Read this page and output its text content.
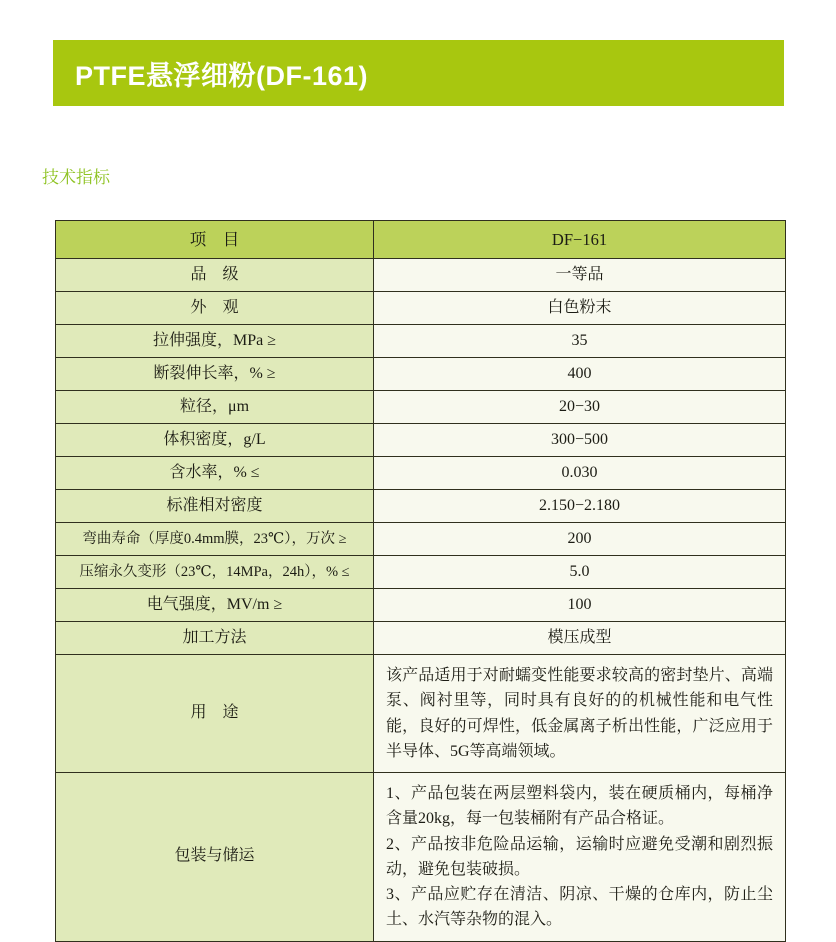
PTFE悬浮细粉(DF-161)
技术指标
项　目	DF−161
品　级	一等品
外　观	白色粉末
拉伸强度，MPa ≥	35
断裂伸长率，% ≥	400
粒径，μm	20−30
体积密度，g/L	300−500
含水率，% ≤	0.030
标准相对密度	2.150−2.180
弯曲寿命（厚度0.4mm膜，23℃），万次 ≥	200
压缩永久变形（23℃，14MPa，24h），% ≤	5.0
电气强度，MV/m ≥	100
加工方法	模压成型
用　途	该产品适用于对耐蠕变性能要求较高的密封垫片、高端泵、阀衬里等，同时具有良好的的机械性能和电气性能，良好的可焊性，低金属离子析出性能，广泛应用于半导体、5G等高端领域。

包装与储运	1、产品包装在两层塑料袋内，装在硬质桶内，每桶净含量20kg，每一包装桶附有产品合格证。
2、产品按非危险品运输，运输时应避免受潮和剧烈振动，避免包装破损。
3、产品应贮存在清洁、阴凉、干燥的仓库内，防止尘土、水汽等杂物的混入。
